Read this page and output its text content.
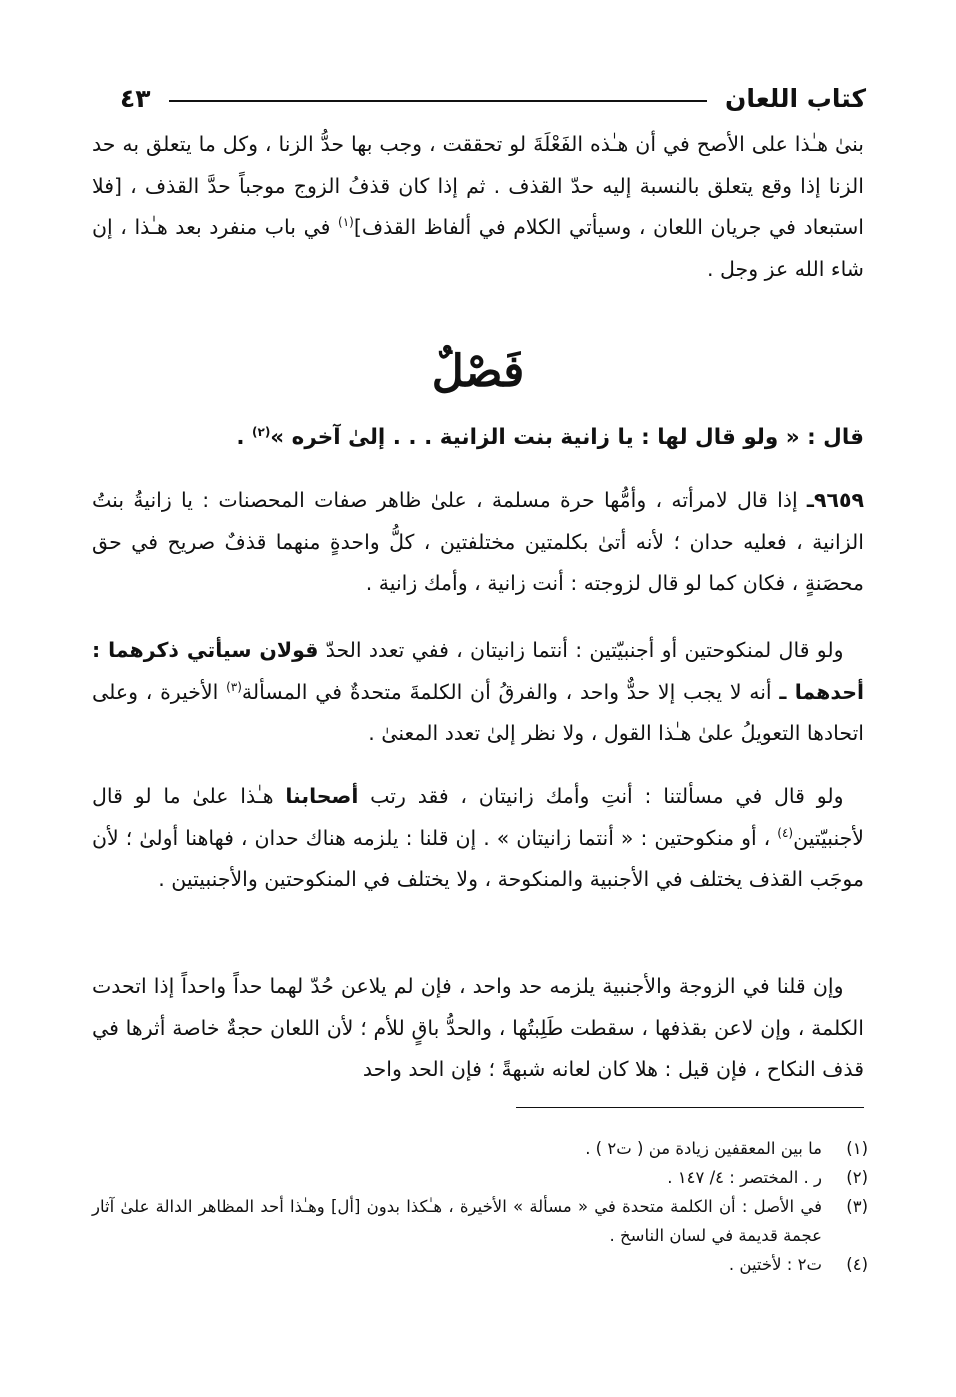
كتاب اللعان
٤٣

بنىٰ هـٰذا على الأصح في أن هـٰذه الفَعْلَةَ لو تحققت ، وجب بها حدُّ الزنا ، وكل ما يتعلق به حد الزنا إذا وقع يتعلق بالنسبة إليه حدّ القذف . ثم إذا كان قذفُ الزوج موجباً حدَّ القذف ، [فلا استبعاد في جريان اللعان ، وسيأتي الكلام في ألفاظ القذف]$^{(١)}$ في باب منفرد بعد هـٰذا ، إن شاء الله عز وجل .

فَصْلٌ
قال : « ولو قال لها : يا زانية بنت الزانية . . . إلىٰ آخره »$^{(٢)}$ .

٩٦٥٩ـ إذا قال لامرأته ، وأمُّها حرة مسلمة ، علىٰ ظاهر صفات المحصنات : يا زانيةُ بنتُ الزانية ، فعليه حدان ؛ لأنه أتىٰ بكلمتين مختلفتين ، كلُّ واحدةٍ منهما قذفٌ صريح في حق محصَنةٍ ، فكان كما لو قال لزوجته : أنت زانية ، وأمك زانية .

 ولو قال لمنكوحتين أو أجنبيّتين : أنتما زانيتان ، ففي تعدد الحدّ قولان سيأتي ذكرهما : أحدهما ـ أنه لا يجب إلا حدٌّ واحد ، والفرقُ أن الكلمةَ متحدةٌ في المسألة$^{(٣)}$ الأخيرة ، وعلى اتحادها التعويلُ علىٰ هـٰذا القول ، ولا نظر إلىٰ تعدد المعنىٰ .

 ولو قال في مسألتنا : أنتِ وأمك زانيتان ، فقد رتب أصحابنا هـٰذا علىٰ ما لو قال لأجنبيّتين$^{(٤)}$ ، أو منكوحتين : « أنتما زانيتان » . إن قلنا : يلزمه هناك حدان ، فهاهنا أولىٰ ؛ لأن موجَب القذف يختلف في الأجنبية والمنكوحة ، ولا يختلف في المنكوحتين والأجنبيتين .

 وإن قلنا في الزوجة والأجنبية يلزمه حد واحد ، فإن لم يلاعن حُدّ لهما حداً واحداً إذا اتحدت الكلمة ، وإن لاعن بقذفها ، سقطت طَلِبتُها ، والحدُّ باقٍ للأم ؛ لأن اللعان حجةٌ خاصة أثرها في قذف النكاح ، فإن قيل : هلا كان لعانه شبهةً ؛ فإن الحد واحد

(١)
ما بين المعقفين زيادة من ( ت٢ ) .
(٢)
ر . المختصر : ٤/ ١٤٧ .
(٣)
في الأصل : أن الكلمة متحدة في « مسألة » الأخيرة ، هـٰكذا بدون [أل] وهـٰذا أحد المظاهر الدالة علىٰ آثار عجمة قديمة في لسان الناسخ .
(٤)
ت٢ : لأختين .
